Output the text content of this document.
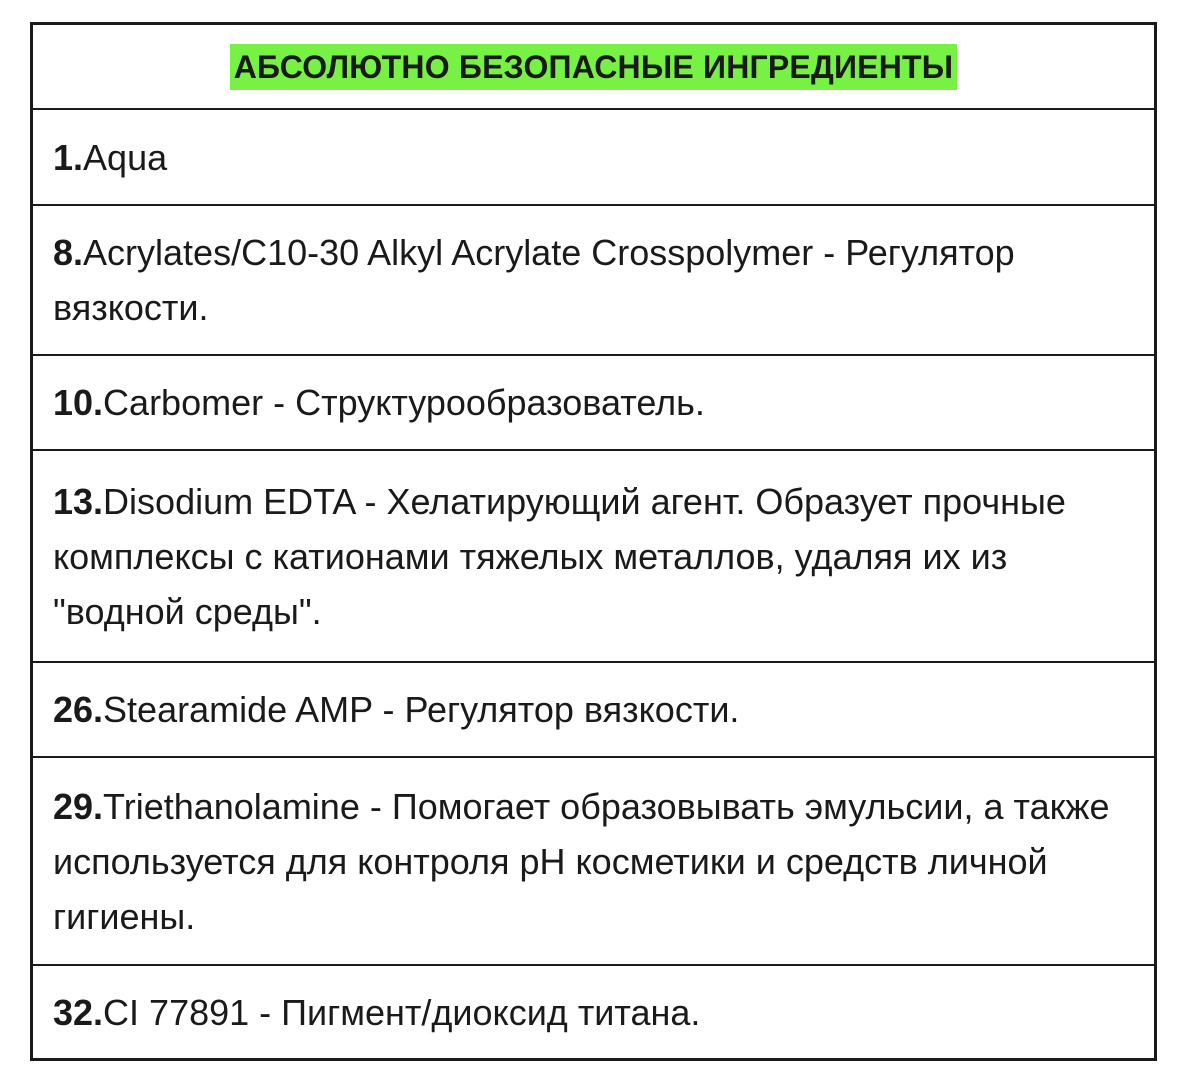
АБСОЛЮТНО БЕЗОПАСНЫЕ ИНГРЕДИЕНТЫ
1.Aqua
8.Acrylates/C10-30 Alkyl Acrylate Crosspolymer - Регулятор вязкости.
10.Carbomer - Структурообразователь.
13.Disodium EDTA - Хелатирующий агент. Образует прочные комплексы с катионами тяжелых металлов, удаляя их из "водной среды".
26.Stearamide AMP - Регулятор вязкости.
29.Triethanolamine - Помогает образовывать эмульсии, а также используется для контроля pH косметики и средств личной гигиены.
32.CI 77891 - Пигмент/диоксид титана.
